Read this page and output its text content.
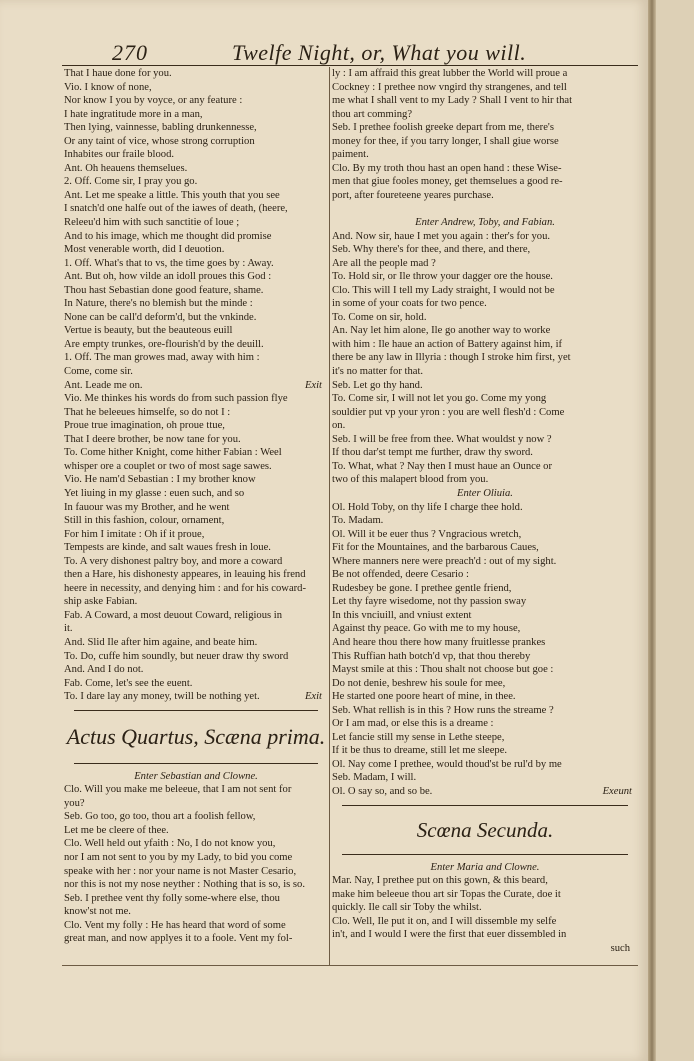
270	Twelfe Night, or, What you will.
That I haue done for you.
Vio. I know of none,
Nor know I you by voyce, or any feature :
I hate ingratitude more in a man,
Then lying, vainnesse, babling drunkennesse,
Or any taint of vice, whose strong corruption
Inhabites our fraile blood.
Ant. Oh heauens themselues.
2. Off. Come sir, I pray you go.
Ant. Let me speake a little. This youth that you see
I snatch'd one halfe out of the iawes of death, (heere,
Releeu'd him with such sanctitie of loue ;
And to his image, which me thought did promise
Most venerable worth, did I deuotion.
1. Off. What's that to vs, the time goes by : Away.
Ant. But oh, how vilde an idoll proues this God :
Thou hast Sebastian done good feature, shame.
In Nature, there's no blemish but the minde :
None can be call'd deform'd, but the vnkinde.
Vertue is beauty, but the beauteous euill
Are empty trunkes, ore-flourish'd by the deuill.
1. Off. The man growes mad, away with him :
Come, come sir.
Ant. Leade me on.	Exit
Vio. Me thinkes his words do from such passion flye
That he beleeues himselfe, so do not I :
Proue true imagination, oh proue ttue,
That I deere brother, be now tane for you.
To. Come hither Knight, come hither Fabian : Weel
whisper ore a couplet or two of most sage sawes.
Vio. He nam'd Sebastian : I my brother know
Yet liuing in my glasse : euen such, and so
In fauour was my Brother, and he went
Still in this fashion, colour, ornament,
For him I imitate : Oh if it proue,
Tempests are kinde, and salt waues fresh in loue.
To. A very dishonest paltry boy, and more a coward
then a Hare, his dishonesty appeares, in leauing his frend
heere in necessity, and denying him : and for his coward-
ship aske Fabian.
Fab. A Coward, a most deuout Coward, religious in
it.
And. Slid Ile after him againe, and beate him.
To. Do, cuffe him soundly, but neuer draw thy sword
And. And I do not.
Fab. Come, let's see the euent.
To. I dare lay any money, twill be nothing yet.	Exit
Actus Quartus, Scæna prima.
Enter Sebastian and Clowne.
Clo. Will you make me beleeue, that I am not sent for
you?
Seb. Go too, go too, thou art a foolish fellow,
Let me be cleere of thee.
Clo. Well held out yfaith : No, I do not know you,
nor I am not sent to you by my Lady, to bid you come
speake with her : nor your name is not Master Cesario,
nor this is not my nose neyther : Nothing that is so, is so.
Seb. I prethee vent thy folly some-where else, thou
know'st not me.
Clo. Vent my folly : He has heard that word of some
great man, and now applyes it to a foole. Vent my fol-
ly : I am affraid this great lubber the World will proue a
Cockney : I prethee now vngird thy strangenes, and tell
me what I shall vent to my Lady ? Shall I vent to hir that
thou art comming?
Seb. I prethee foolish greeke depart from me, there's
money for thee, if you tarry longer, I shall giue worse
paiment.
Clo. By my troth thou hast an open hand : these Wise-
men that giue fooles money, get themselues a good re-
port, after foureteene yeares purchase.
Enter Andrew, Toby, and Fabian.
And. Now sir, haue I met you again : ther's for you.
Seb. Why there's for thee, and there, and there,
Are all the people mad ?
To. Hold sir, or Ile throw your dagger ore the house.
Clo. This will I tell my Lady straight, I would not be
in some of your coats for two pence.
To. Come on sir, hold.
An. Nay let him alone, Ile go another way to worke
with him : Ile haue an action of Battery against him, if
there be any law in Illyria : though I stroke him first, yet
it's no matter for that.
Seb. Let go thy hand.
To. Come sir, I will not let you go. Come my yong
souldier put vp your yron : you are well flesh'd : Come
on.
Seb. I will be free from thee. What wouldst y now ?
If thou dar'st tempt me further, draw thy sword.
To. What, what ? Nay then I must haue an Ounce or
two of this malapert blood from you.
Enter Oliuia.
Ol. Hold Toby, on thy life I charge thee hold.
To. Madam.
Ol. Will it be euer thus ? Vngracious wretch,
Fit for the Mountaines, and the barbarous Caues,
Where manners nere were preach'd : out of my sight.
Be not offended, deere Cesario :
Rudesbey be gone. I prethee gentle friend,
Let thy fayre wisedome, not thy passion sway
In this vnciuill, and vniust extent
Against thy peace. Go with me to my house,
And heare thou there how many fruitlesse prankes
This Ruffian hath botch'd vp, that thou thereby
Mayst smile at this : Thou shalt not choose but goe :
Do not denie, beshrew his soule for mee,
He started one poore heart of mine, in thee.
Seb. What rellish is in this ? How runs the streame ?
Or I am mad, or else this is a dreame :
Let fancie still my sense in Lethe steepe,
If it be thus to dreame, still let me sleepe.
Ol. Nay come I prethee, would thoud'st be rul'd by me
Seb. Madam, I will.
Ol. O say so, and so be.	Exeunt
Scœna Secunda.
Enter Maria and Clowne.
Mar. Nay, I prethee put on this gown, & this beard,
make him beleeue thou art sir Topas the Curate, doe it
quickly. Ile call sir Toby the whilst.
Clo. Well, Ile put it on, and I will dissemble my selfe
in't, and I would I were the first that euer dissembled in
such
